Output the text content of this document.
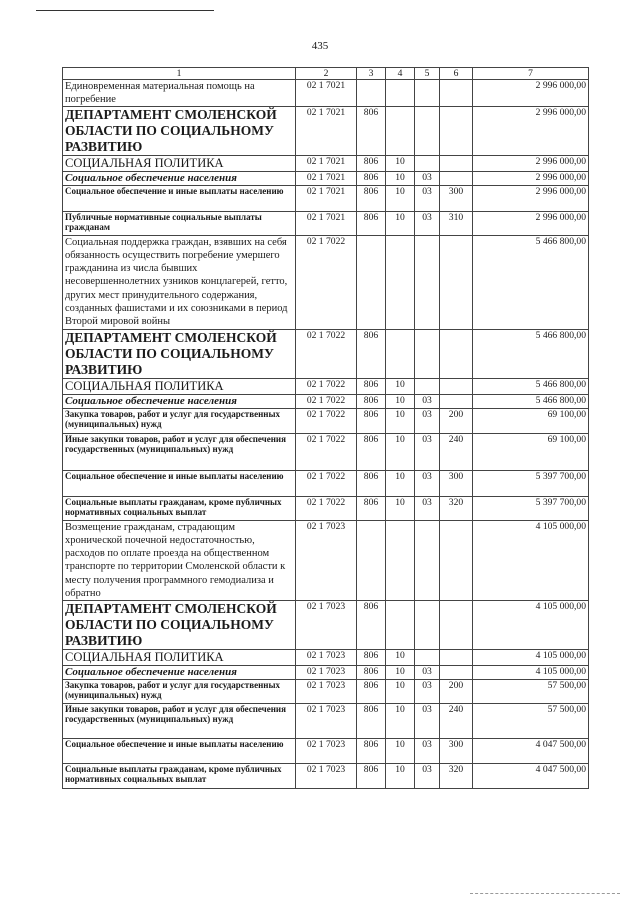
435
1	2	3	4	5	6	7
Единовременная материальная помощь на погребение	02 1 7021					2 996 000,00
ДЕПАРТАМЕНТ СМОЛЕНСКОЙ ОБЛАСТИ ПО СОЦИАЛЬНОМУ РАЗВИТИЮ	02 1 7021	806				2 996 000,00
СОЦИАЛЬНАЯ ПОЛИТИКА	02 1 7021	806	10			2 996 000,00
Социальное обеспечение населения	02 1 7021	806	10	03		2 996 000,00
Социальное обеспечение и иные выплаты населению	02 1 7021	806	10	03	300	2 996 000,00
Публичные нормативные социальные выплаты гражданам	02 1 7021	806	10	03	310	2 996 000,00
Социальная поддержка граждан, взявших на себя обязанность осуществить погребение умершего гражданина из числа бывших несовершеннолетних узников концлагерей, гетто, других мест принудительного содержания, созданных фашистами и их союзниками в период Второй мировой войны	02 1 7022					5 466 800,00
ДЕПАРТАМЕНТ СМОЛЕНСКОЙ ОБЛАСТИ ПО СОЦИАЛЬНОМУ РАЗВИТИЮ	02 1 7022	806				5 466 800,00
СОЦИАЛЬНАЯ ПОЛИТИКА	02 1 7022	806	10			5 466 800,00
Социальное обеспечение населения	02 1 7022	806	10	03		5 466 800,00
Закупка товаров, работ и услуг для государственных (муниципальных) нужд	02 1 7022	806	10	03	200	69 100,00
Иные закупки товаров, работ и услуг для обеспечения государственных (муниципальных) нужд	02 1 7022	806	10	03	240	69 100,00
Социальное обеспечение и иные выплаты населению	02 1 7022	806	10	03	300	5 397 700,00
Социальные выплаты гражданам, кроме публичных нормативных социальных выплат	02 1 7022	806	10	03	320	5 397 700,00
Возмещение гражданам, страдающим хронической почечной недостаточностью, расходов по оплате проезда на общественном транспорте по территории Смоленской области к месту получения программного гемодиализа и обратно	02 1 7023					4 105 000,00
ДЕПАРТАМЕНТ СМОЛЕНСКОЙ ОБЛАСТИ ПО СОЦИАЛЬНОМУ РАЗВИТИЮ	02 1 7023	806				4 105 000,00
СОЦИАЛЬНАЯ ПОЛИТИКА	02 1 7023	806	10			4 105 000,00
Социальное обеспечение населения	02 1 7023	806	10	03		4 105 000,00
Закупка товаров, работ и услуг для государственных (муниципальных) нужд	02 1 7023	806	10	03	200	57 500,00
Иные закупки товаров, работ и услуг для обеспечения государственных (муниципальных) нужд	02 1 7023	806	10	03	240	57 500,00
Социальное обеспечение и иные выплаты населению	02 1 7023	806	10	03	300	4 047 500,00
Социальные выплаты гражданам, кроме публичных нормативных социальных выплат	02 1 7023	806	10	03	320	4 047 500,00
